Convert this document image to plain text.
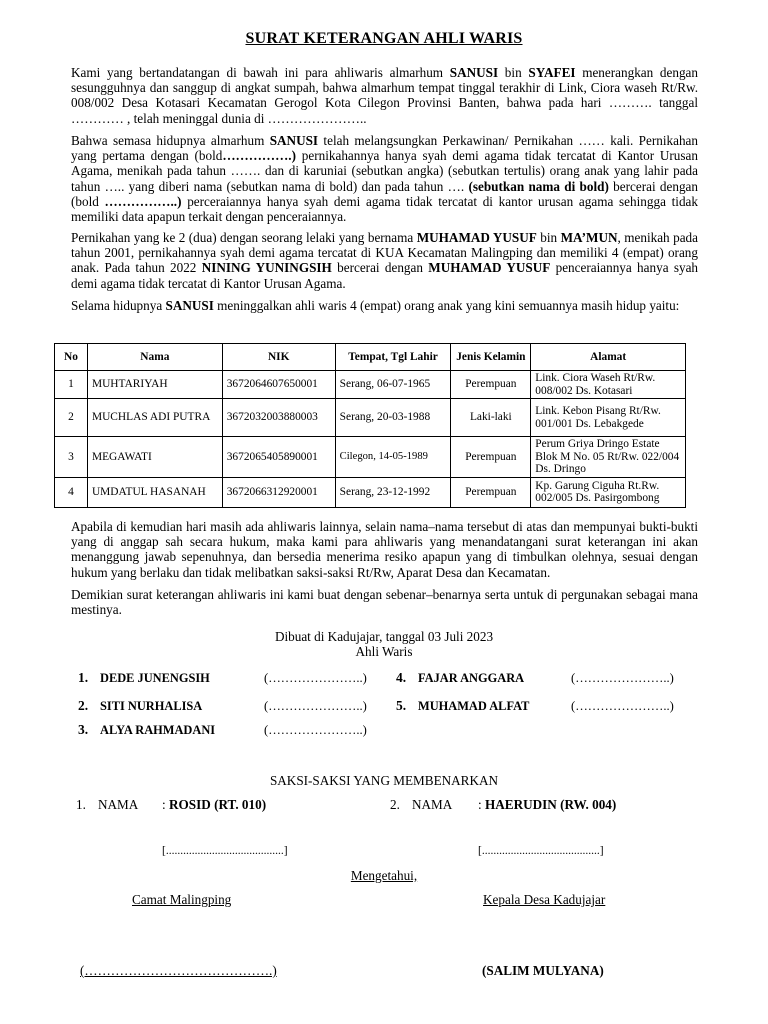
SURAT KETERANGAN AHLI WARIS
Kami yang bertandatangan di bawah ini para ahliwaris almarhum SANUSI bin SYAFEI menerangkan dengan sesungguhnya dan sanggup di angkat sumpah, bahwa almarhum tempat tinggal terakhir di Link, Ciora waseh Rt/Rw. 008/002 Desa Kotasari Kecamatan Gerogol Kota Cilegon Provinsi Banten, bahwa pada hari ………. tanggal ………… , telah meninggal dunia di …………………..
Bahwa semasa hidupnya almarhum SANUSI telah melangsungkan Perkawinan/ Pernikahan …… kali. Pernikahan yang pertama dengan (bold…………….) pernikahannya hanya syah demi agama tidak tercatat di Kantor Urusan Agama, menikah pada tahun ……. dan di karuniai (sebutkan angka) (sebutkan tertulis) orang anak yang lahir pada tahun ….. yang diberi nama (sebutkan nama di bold) dan pada tahun …. (sebutkan nama di bold) bercerai dengan (bold ……………..) perceraiannya hanya syah demi agama tidak tercatat di kantor urusan agama sehingga tidak memiliki data apapun terkait dengan penceraiannya.
Pernikahan yang ke 2 (dua) dengan seorang lelaki yang bernama MUHAMAD YUSUF bin MA’MUN, menikah pada tahun 2001, pernikahannya syah demi agama tercatat di KUA Kecamatan Malingping dan memiliki 4 (empat) orang anak. Pada tahun 2022 NINING YUNINGSIH bercerai dengan MUHAMAD YUSUF penceraiannya hanya syah demi agama tidak tercatat di Kantor Urusan Agama.
Selama hidupnya SANUSI meninggalkan ahli waris 4 (empat) orang anak yang kini semuannya masih hidup yaitu:
No	Nama	NIK	Tempat, Tgl Lahir	Jenis Kelamin	Alamat
1	MUHTARIYAH	3672064607650001	Serang, 06-07-1965	Perempuan	Link. Ciora Waseh Rt/Rw. 008/002 Ds. Kotasari
2	MUCHLAS ADI PUTRA	3672032003880003	Serang, 20-03-1988	Laki-laki	Link. Kebon Pisang Rt/Rw. 001/001 Ds. Lebakgede
3	MEGAWATI	3672065405890001	Cilegon, 14-05-1989	Perempuan	Perum Griya Dringo Estate Blok M No. 05 Rt/Rw. 022/004 Ds. Dringo
4	UMDATUL HASANAH	3672066312920001	Serang, 23-12-1992	Perempuan	Kp. Garung Ciguha Rt.Rw. 002/005 Ds. Pasirgombong
Apabila di kemudian hari masih ada ahliwaris lainnya, selain nama–nama tersebut di atas dan mempunyai bukti-bukti yang di anggap sah secara hukum, maka kami para ahliwaris yang menandatangani surat keterangan ini akan menanggung jawab sepenuhnya, dan bersedia menerima resiko apapun yang di timbulkan olehnya, sesuai dengan hukum yang berlaku dan tidak melibatkan saksi-saksi Rt/Rw, Aparat Desa dan Kecamatan.
Demikian surat keterangan ahliwaris ini kami buat dengan sebenar–benarnya serta untuk di pergunakan sebagai mana mestinya.
Dibuat di Kadujajar, tanggal 03 Juli 2023
Ahli Waris
1. DEDE JUNENGSIH	(…………………..)
2. SITI NURHALISA	(…………………..)
3. ALYA RAHMADANI	(…………………..)
4. FAJAR ANGGARA	(…………………..)
5. MUHAMAD ALFAT	(…………………..)
SAKSI-SAKSI YANG MEMBENARKAN
1. NAMA : ROSID (RT. 010)	2. NAMA : HAERUDIN (RW. 004)
[.........................................]	[.........................................]
Mengetahui,
Camat Malingping	Kepala Desa Kadujajar
(…………………………………….)	(SALIM MULYANA)
